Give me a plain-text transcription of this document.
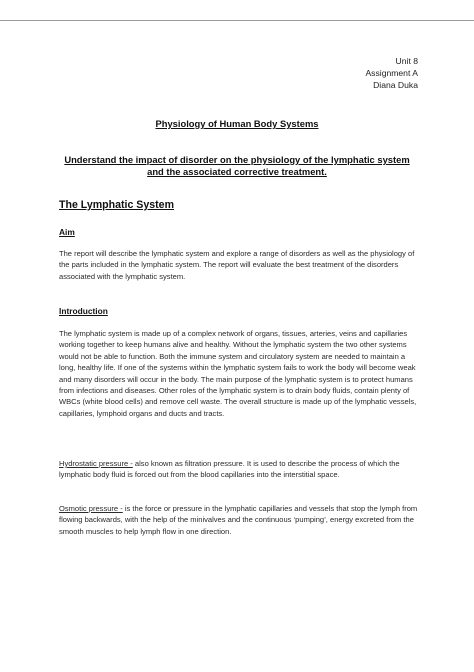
Unit 8
Assignment A
Diana Duka
Physiology of Human Body Systems
Understand the impact of disorder on the physiology of the lymphatic system
and the associated corrective treatment.
The Lymphatic System
Aim
The report will describe the lymphatic system and explore a range of disorders as well as the physiology of the parts included in the lymphatic system. The report will evaluate the best treatment of the disorders associated with the lymphatic system.
Introduction
The lymphatic system is made up of a complex network of organs, tissues, arteries, veins and capillaries working together to keep humans alive and healthy. Without the lymphatic system the two other systems would not be able to function. Both the immune system and circulatory system are needed to maintain a long, healthy life. If one of the systems within the lymphatic system fails to work the body will become weak and many disorders will occur in the body. The main purpose of the lymphatic system is to protect humans from infections and diseases. Other roles of the lymphatic system is to drain body fluids, contain plenty of WBCs (white blood cells) and remove cell waste. The overall structure is made up of the lymphatic vessels, capillaries, lymphoid organs and ducts and tracts.
Hydrostatic pressure - also known as filtration pressure. It is used to describe the process of which the lymphatic body fluid is forced out from the blood capillaries into the interstitial space.
Osmotic pressure - is the force or pressure in the lymphatic capillaries and vessels that stop the lymph from flowing backwards, with the help of the minivalves and the continuous ‘pumping’, energy excreted from the smooth muscles to help lymph flow in one direction.
